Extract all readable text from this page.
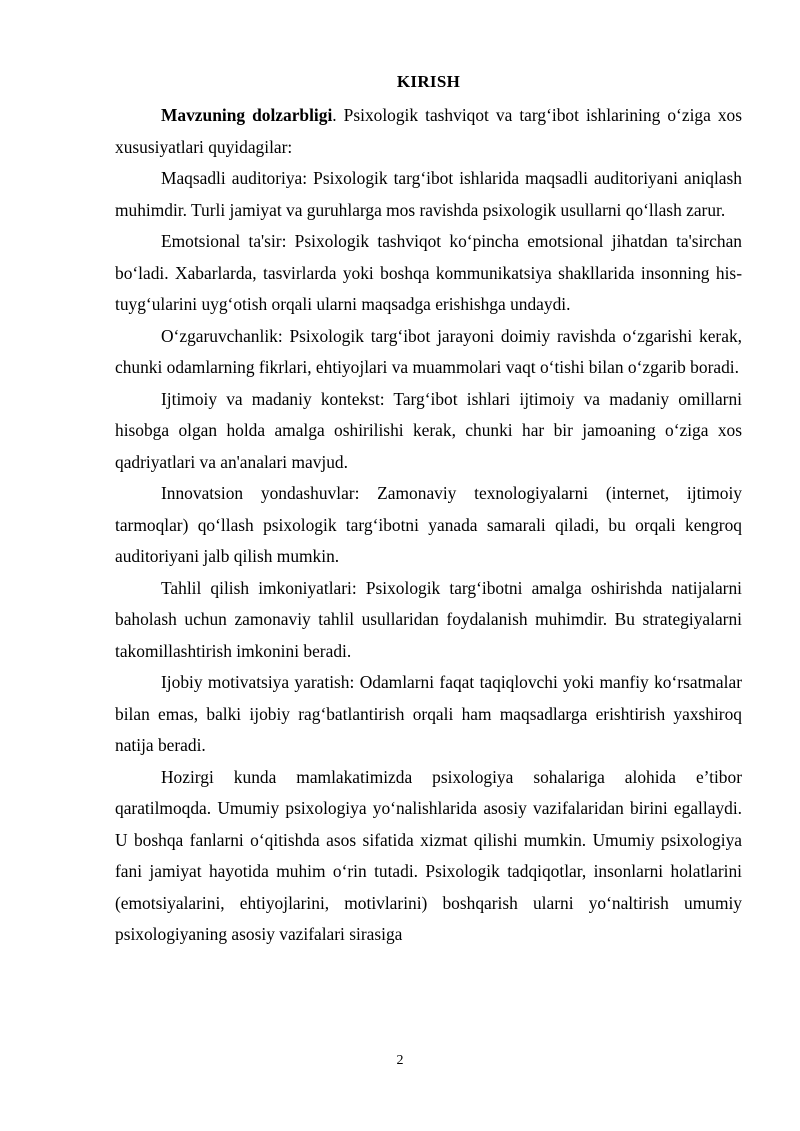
KIRISH

Mavzuning dolzarbligi. Psixologik tashviqot va targ‘ibot ishlarining o‘ziga xos xususiyatlari quyidagilar:

Maqsadli auditoriya: Psixologik targ‘ibot ishlarida maqsadli auditoriyani aniqlash muhimdir. Turli jamiyat va guruhlarga mos ravishda psixologik usullarni qo‘llash zarur.

Emotsional ta'sir: Psixologik tashviqot ko‘pincha emotsional jihatdan ta'sirchan bo‘ladi. Xabarlarda, tasvirlarda yoki boshqa kommunikatsiya shakllarida insonning his-tuyg‘ularini uyg‘otish orqali ularni maqsadga erishishga undaydi.

O‘zgaruvchanlik: Psixologik targ‘ibot jarayoni doimiy ravishda o‘zgarishi kerak, chunki odamlarning fikrlari, ehtiyojlari va muammolari vaqt o‘tishi bilan o‘zgarib boradi.

Ijtimoiy va madaniy kontekst: Targ‘ibot ishlari ijtimoiy va madaniy omillarni hisobga olgan holda amalga oshirilishi kerak, chunki har bir jamoaning o‘ziga xos qadriyatlari va an'analari mavjud.

Innovatsion yondashuvlar: Zamonaviy texnologiyalarni (internet, ijtimoiy tarmoqlar) qo‘llash psixologik targ‘ibotni yanada samarali qiladi, bu orqali kengroq auditoriyani jalb qilish mumkin.

Tahlil qilish imkoniyatlari: Psixologik targ‘ibotni amalga oshirishda natijalarni baholash uchun zamonaviy tahlil usullaridan foydalanish muhimdir. Bu strategiyalarni takomillashtirish imkonini beradi.

Ijobiy motivatsiya yaratish: Odamlarni faqat taqiqlovchi yoki manfiy ko‘rsatmalar bilan emas, balki ijobiy rag‘batlantirish orqali ham maqsadlarga erishtirish yaxshiroq natija beradi.

Hozirgi kunda mamlakatimizda psixologiya sohalariga alohida e’tibor qaratilmoqda. Umumiy psixologiya yo‘nalishlarida asosiy vazifalaridan birini egallaydi. U boshqa fanlarni o‘qitishda asos sifatida xizmat qilishi mumkin. Umumiy psixologiya fani jamiyat hayotida muhim o‘rin tutadi. Psixologik tadqiqotlar, insonlarni holatlarini (emotsiyalarini, ehtiyojlarini, motivlarini) boshqarish ularni yo‘naltirish umumiy psixologiyaning asosiy vazifalari sirasiga

2
